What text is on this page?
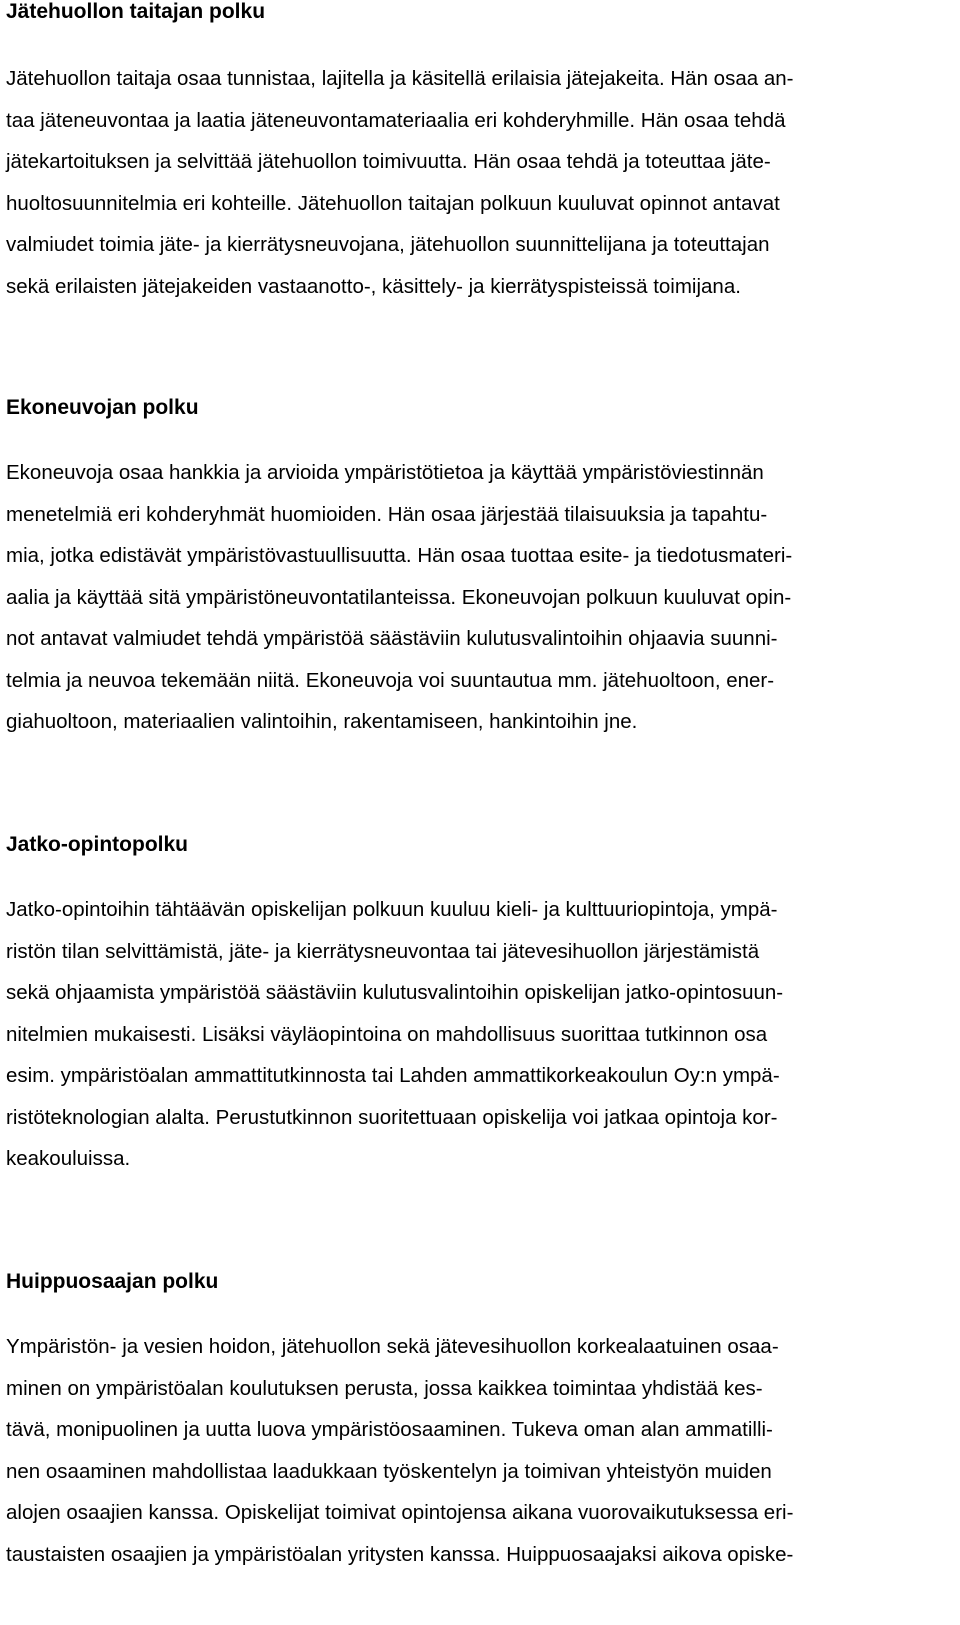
Jätehuollon taitajan polku

Jätehuollon taitaja osaa tunnistaa, lajitella ja käsitellä erilaisia jätejakeita. Hän osaa an-
taa jäteneuvontaa ja laatia jäteneuvontamateriaalia eri kohderyhmille. Hän osaa tehdä
jätekartoituksen ja selvittää jätehuollon toimivuutta. Hän osaa tehdä ja toteuttaa jäte-
huoltosuunnitelmia eri kohteille. Jätehuollon taitajan polkuun kuuluvat opinnot antavat
valmiudet toimia jäte- ja kierrätysneuvojana, jätehuollon suunnittelijana ja toteuttajan
sekä erilaisten jätejakeiden vastaanotto-, käsittely- ja kierrätyspisteissä toimijana.

Ekoneuvojan polku

Ekoneuvoja osaa hankkia ja arvioida ympäristötietoa ja käyttää ympäristöviestinnän
menetelmiä eri kohderyhmät huomioiden. Hän osaa järjestää tilaisuuksia ja tapahtu-
mia, jotka edistävät ympäristövastuullisuutta. Hän osaa tuottaa esite- ja tiedotusmateri-
aalia ja käyttää sitä ympäristöneuvontatilanteissa. Ekoneuvojan polkuun kuuluvat opin-
not antavat valmiudet tehdä ympäristöä säästäviin kulutusvalintoihin ohjaavia suunni-
telmia ja neuvoa tekemään niitä. Ekoneuvoja voi suuntautua mm. jätehuoltoon, ener-
giahuoltoon, materiaalien valintoihin, rakentamiseen, hankintoihin jne.

Jatko-opintopolku

Jatko-opintoihin tähtäävän opiskelijan polkuun kuuluu kieli- ja kulttuuriopintoja, ympä-
ristön tilan selvittämistä, jäte- ja kierrätysneuvontaa tai jätevesihuollon järjestämistä
sekä ohjaamista ympäristöä säästäviin kulutusvalintoihin opiskelijan jatko-opintosuun-
nitelmien mukaisesti. Lisäksi väyläopintoina on mahdollisuus suorittaa tutkinnon osa
esim. ympäristöalan ammattitutkinnosta tai Lahden ammattikorkeakoulun Oy:n ympä-
ristöteknologian alalta. Perustutkinnon suoritettuaan opiskelija voi jatkaa opintoja kor-
keakouluissa.

Huippuosaajan polku

Ympäristön- ja vesien hoidon, jätehuollon sekä jätevesihuollon korkealaatuinen osaa-
minen on ympäristöalan koulutuksen perusta, jossa kaikkea toimintaa yhdistää kes-
tävä, monipuolinen ja uutta luova ympäristöosaaminen. Tukeva oman alan ammatilli-
nen osaaminen mahdollistaa laadukkaan työskentelyn ja toimivan yhteistyön muiden
alojen osaajien kanssa. Opiskelijat toimivat opintojensa aikana vuorovaikutuksessa eri-
taustaisten osaajien ja ympäristöalan yritysten kanssa. Huippuosaajaksi aikova opiske-
